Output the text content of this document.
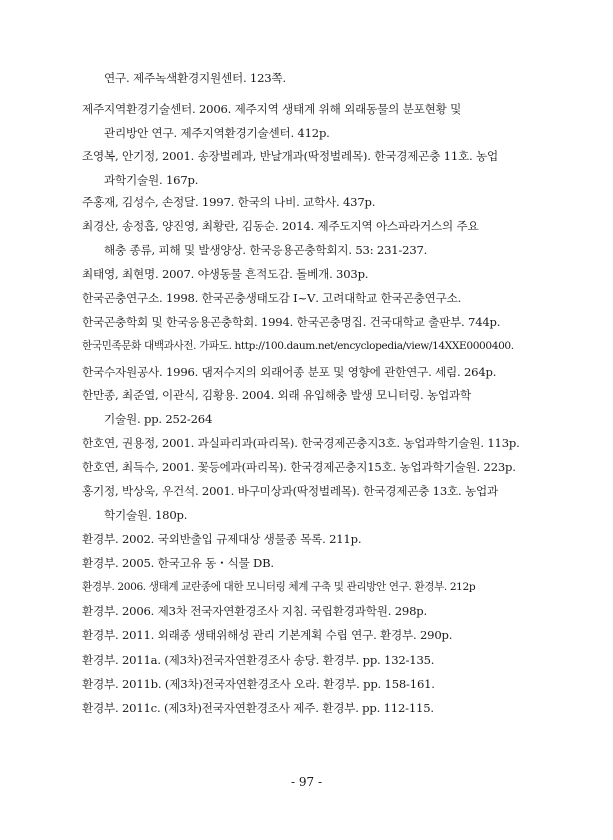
연구. 제주녹색환경지원센터. 123쪽.
제주지역환경기술센터. 2006. 제주지역 생태계 위해 외래동물의 분포현황 및
관리방안 연구. 제주지역환경기술센터. 412p.
조영복, 안기정, 2001. 송장벌레과, 반날개과(딱정벌레목). 한국경제곤충 11호. 농업
과학기술원. 167p.
주홍재, 김성수, 손정달. 1997. 한국의 나비. 교학사. 437p.
최경산, 송정흡, 양진영, 최황란, 김동순. 2014. 제주도지역 아스파라거스의 주요
해충 종류, 피해 및 발생양상. 한국응용곤충학회지. 53: 231-237.
최태영, 최현명. 2007. 야생동물 흔적도감. 돌베개. 303p.
한국곤충연구소. 1998. 한국곤충생태도감 Ⅰ~Ⅴ. 고려대학교 한국곤충연구소.
한국곤충학회 및 한국응용곤충학회. 1994. 한국곤충명집. 건국대학교 출판부. 744p.
한국민족문화 대백과사전. 가파도. http://100.daum.net/encyclopedia/view/14XXE0000400.
한국수자원공사. 1996. 댐저수지의 외래어종 분포 및 영향에 관한연구. 세림. 264p.
한만종, 최준열, 이관식, 김황용. 2004. 외래 유입해충 발생 모니터링. 농업과학
기술원. pp. 252-264
한호연, 권용정, 2001. 과실파리과(파리목). 한국경제곤충지3호. 농업과학기술원. 113p.
한호연, 최득수, 2001. 꽃등에과(파리목). 한국경제곤충지15호. 농업과학기술원. 223p.
홍기정, 박상욱, 우건석. 2001. 바구미상과(딱정벌레목). 한국경제곤충 13호. 농업과
학기술원. 180p.
환경부. 2002. 국외반출입 규제대상 생물종 목록. 211p.
환경부. 2005. 한국고유 동・식물 DB.
환경부. 2006. 생태계 교란종에 대한 모니터링 체계 구축 및 관리방안 연구. 환경부. 212p
환경부. 2006. 제3차 전국자연환경조사 지침. 국립환경과학원. 298p.
환경부. 2011. 외래종 생태위해성 관리 기본계획 수립 연구. 환경부. 290p.
환경부. 2011a. (제3차)전국자연환경조사 송당. 환경부. pp. 132-135.
환경부. 2011b. (제3차)전국자연환경조사 오라. 환경부. pp. 158-161.
환경부. 2011c. (제3차)전국자연환경조사 제주. 환경부. pp. 112-115.
- 97 -
